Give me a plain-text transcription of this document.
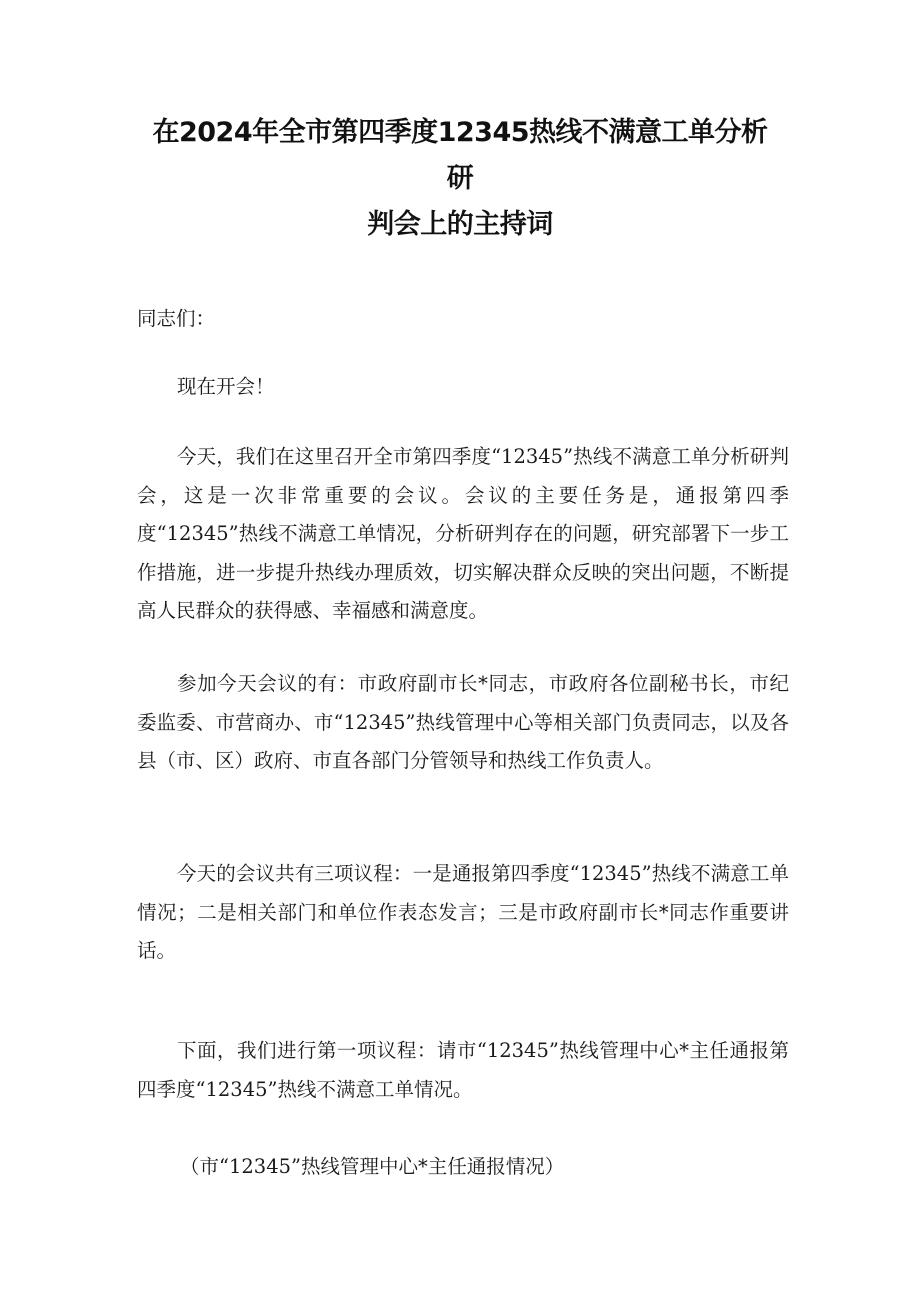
在2024年全市第四季度12345热线不满意工单分析研
判会上的主持词

同志们：

现在开会！

今天，我们在这里召开全市第四季度“12345”热线不满意工单分析研判会，这是一次非常重要的会议。会议的主要任务是，通报第四季度“12345”热线不满意工单情况，分析研判存在的问题，研究部署下一步工作措施，进一步提升热线办理质效，切实解决群众反映的突出问题，不断提高人民群众的获得感、幸福感和满意度。

参加今天会议的有：市政府副市长*同志，市政府各位副秘书长，市纪委监委、市营商办、市“12345”热线管理中心等相关部门负责同志，以及各县（市、区）政府、市直各部门分管领导和热线工作负责人。

今天的会议共有三项议程：一是通报第四季度“12345”热线不满意工单情况；二是相关部门和单位作表态发言；三是市政府副市长*同志作重要讲话。

下面，我们进行第一项议程：请市“12345”热线管理中心*主任通报第四季度“12345”热线不满意工单情况。

（市“12345”热线管理中心*主任通报情况）
